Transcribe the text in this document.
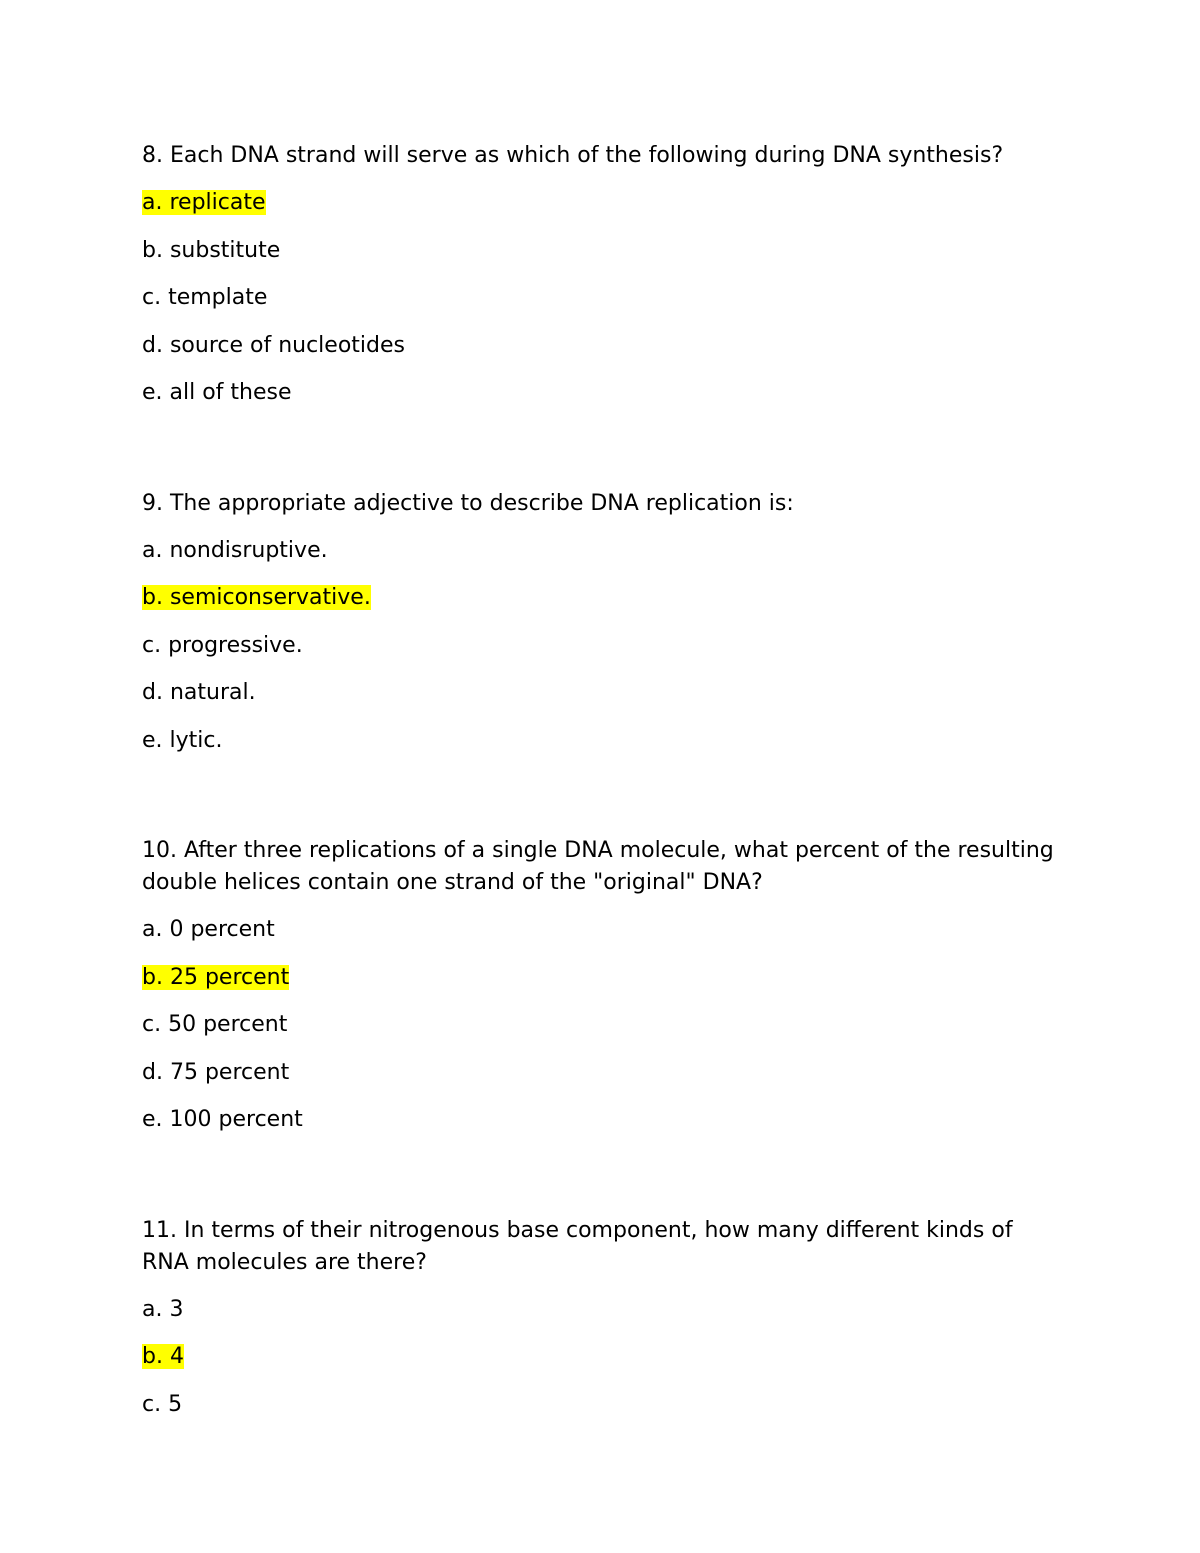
8. Each DNA strand will serve as which of the following during DNA synthesis?

a. replicate
b. substitute
c. template
d. source of nucleotides
e. all of these

9. The appropriate adjective to describe DNA replication is:

a. nondisruptive.
b. semiconservative.
c. progressive.
d. natural.
e. lytic.

10. After three replications of a single DNA molecule, what percent of the resulting double helices contain one strand of the "original" DNA?

a. 0 percent
b. 25 percent
c. 50 percent
d. 75 percent
e. 100 percent

11. In terms of their nitrogenous base component, how many different kinds of RNA molecules are there?

a. 3
b. 4
c. 5
